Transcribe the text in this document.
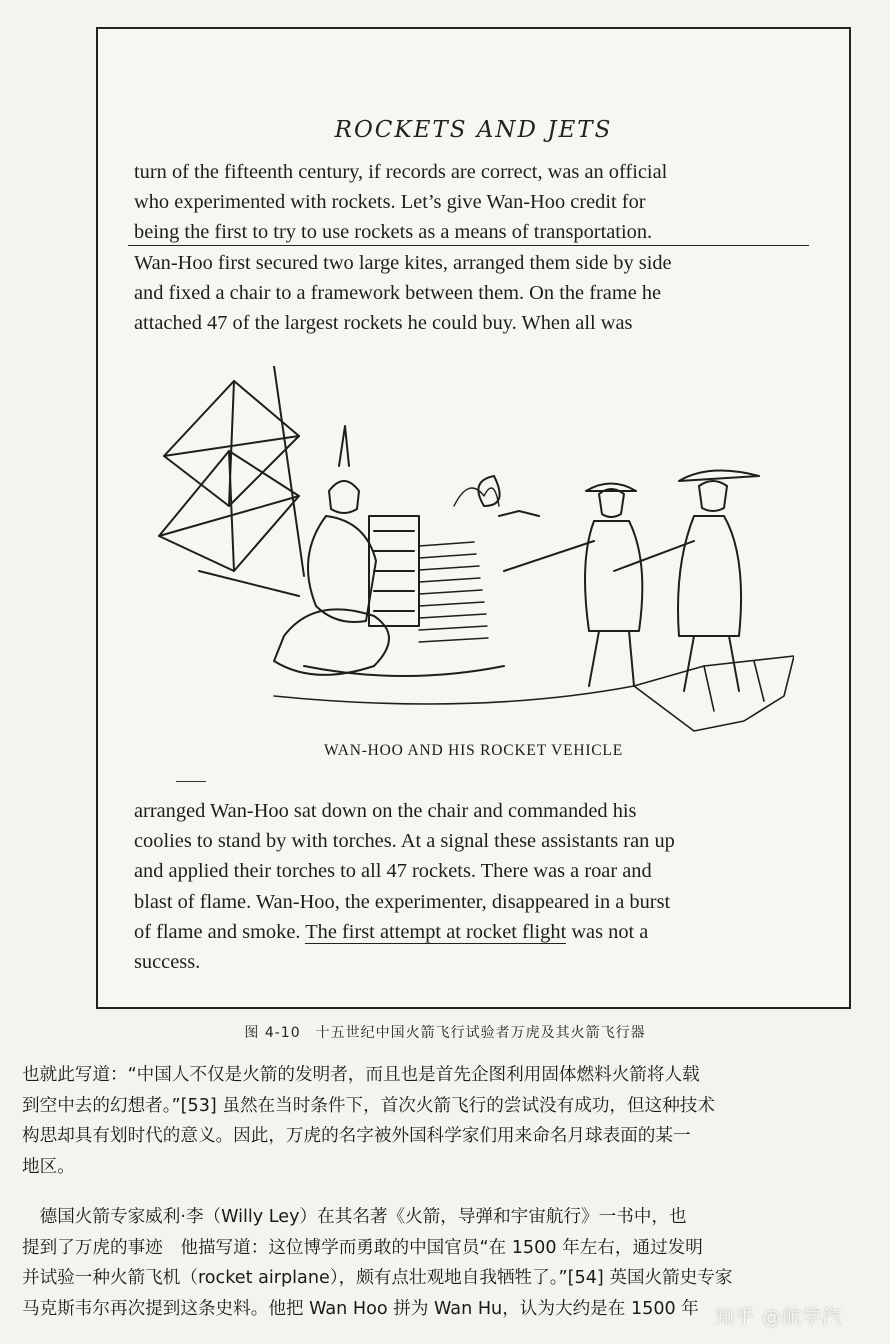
ROCKETS AND JETS
turn of the fifteenth century, if records are correct, was an official
who experimented with rockets. Let’s give Wan-Hoo credit for
being the first to try to use rockets as a means of transportation.
Wan-Hoo first secured two large kites, arranged them side by side
and fixed a chair to a framework between them. On the frame he
attached 47 of the largest rockets he could buy. When all was
WAN-HOO AND HIS ROCKET VEHICLE
arranged Wan-Hoo sat down on the chair and commanded his
coolies to stand by with torches. At a signal these assistants ran up
and applied their torches to all 47 rockets. There was a roar and
blast of flame. Wan-Hoo, the experimenter, disappeared in a burst
of flame and smoke. The first attempt at rocket flight was not a
success.
图 4-10　十五世纪中国火箭飞行试验者万虎及其火箭飞行器
也就此写道：“中国人不仅是火箭的发明者，而且也是首先企图利用固体燃料火箭将人载
到空中去的幻想者。”[53] 虽然在当时条件下，首次火箭飞行的尝试没有成功，但这种技术
构思却具有划时代的意义。因此，万虎的名字被外国科学家们用来命名月球表面的某一
地区。
　德国火箭专家威利·李（Willy Ley）在其名著《火箭，导弹和宇宙航行》一书中，也
提到了万虎的事迹　他描写道：这位博学而勇敢的中国官员“在 1500 年左右，通过发明
并试验一种火箭飞机（rocket airplane），颇有点壮观地自我牺牲了。”[54] 英国火箭史专家
马克斯韦尔再次提到这条史料。他把 Wan Hoo 拼为 Wan Hu，认为大约是在 1500 年 知乎 @航学汽
